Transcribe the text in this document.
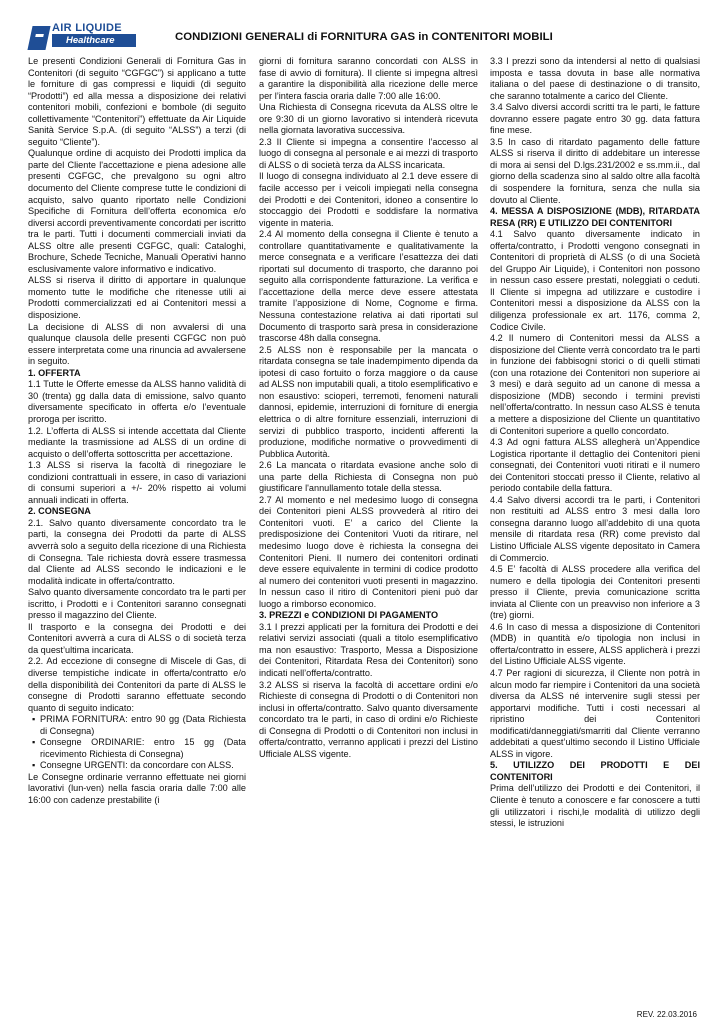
AIR LIQUIDE
Healthcare	CONDIZIONI GENERALI di FORNITURA GAS in CONTENITORI MOBILI

Le presenti Condizioni Generali di Fornitura Gas in Contenitori (di seguito “CGFGC”) si applicano a tutte le forniture di gas compressi e liquidi (di seguito “Prodotti”) ed alla messa a disposizione dei relativi contenitori mobili, confezioni e bombole (di seguito collettivamente “Contenitori”) effettuate da Air Liquide Sanità Service S.p.A. (di seguito “ALSS”) a terzi (di seguito “Cliente”).

Qualunque ordine di acquisto dei Prodotti implica da parte del Cliente l'accettazione e piena adesione alle presenti CGFGC, che prevalgono su ogni altro documento del Cliente comprese tutte le condizioni di acquisto, salvo quanto riportato nelle Condizioni Specifiche di Fornitura dell’offerta economica e/o diversi accordi preventivamente concordati per iscritto tra le parti. Tutti i documenti commerciali inviati da ALSS oltre alle presenti CGFGC, quali: Cataloghi, Brochure, Schede Tecniche, Manuali Operativi hanno esclusivamente valore informativo e indicativo.

ALSS si riserva il diritto di apportare in qualunque momento tutte le modifiche che ritenesse utili ai Prodotti commercializzati ed ai Contenitori messi a disposizione.

La decisione di ALSS di non avvalersi di una qualunque clausola delle presenti CGFGC non può essere interpretata come una rinuncia ad avvalersene in seguito.

1. OFFERTA

1.1 Tutte le Offerte emesse da ALSS hanno validità di 30 (trenta) gg dalla data di emissione, salvo quanto diversamente specificato in offerta e/o l’eventuale proroga per iscritto.

1.2. L’offerta di ALSS si intende accettata dal Cliente mediante la trasmissione ad ALSS di un ordine di acquisto o dell’offerta sottoscritta per accettazione.

1.3 ALSS si riserva la facoltà di rinegoziare le condizioni contrattuali in essere, in caso di variazioni di consumi superiori a +/- 20% rispetto ai volumi annuali indicati in offerta.

2. CONSEGNA

2.1. Salvo quanto diversamente concordato tra le parti, la consegna dei Prodotti da parte di ALSS avverrà solo a seguito della ricezione di una Richiesta di Consegna. Tale richiesta dovrà essere trasmessa dal Cliente ad ALSS secondo le indicazioni e le modalità indicate in offerta/contratto.

Salvo quanto diversamente concordato tra le parti per iscritto, i Prodotti e i Contenitori saranno consegnati presso il magazzino del Cliente.

Il trasporto e la consegna dei Prodotti e dei Contenitori avverrà a cura di ALSS o di società terza da quest’ultima incaricata.

2.2. Ad eccezione di consegne di Miscele di Gas, di diverse tempistiche indicate in offerta/contratto e/o della disponibilità dei Contenitori da parte di ALSS le consegne di Prodotti saranno effettuate secondo quanto di seguito indicato:

▪ PRIMA FORNITURA: entro 90 gg (Data Richiesta di Consegna)
▪ Consegne ORDINARIE: entro 15 gg (Data ricevimento Richiesta di Consegna)
▪ Consegne URGENTI: da concordare con ALSS.

Le Consegne ordinarie verranno effettuate nei giorni lavorativi (lun-ven) nella fascia oraria dalle 7:00 alle 16:00 con cadenze prestabilite (i

giorni di fornitura saranno concordati con ALSS in fase di avvio di fornitura). Il cliente si impegna altresì a garantire la disponibilità alla ricezione delle merce per l’intera fascia oraria dalle 7:00 alle 16:00.

Una Richiesta di Consegna ricevuta da ALSS oltre le ore 9:30 di un giorno lavorativo si intenderà ricevuta nella giornata lavorativa successiva.

2.3 Il Cliente si impegna a consentire l’accesso al luogo di consegna al personale e ai mezzi di trasporto di ALSS o di società terza da ALSS incaricata.

Il luogo di consegna individuato al 2.1 deve essere di facile accesso per i veicoli impiegati nella consegna dei Prodotti e dei Contenitori, idoneo a consentire lo stoccaggio dei Prodotti e soddisfare la normativa vigente in materia.

2.4 Al momento della consegna il Cliente è tenuto a controllare quantitativamente e qualitativamente la merce consegnata e a verificare l’esattezza dei dati riportati sul documento di trasporto, che daranno poi seguito alla corrispondente fatturazione. La verifica e l’accettazione della merce deve essere attestata tramite l’apposizione di Nome, Cognome e firma. Nessuna contestazione relativa ai dati riportati sul Documento di trasporto sarà presa in considerazione trascorse 48h dalla consegna.

2.5 ALSS non è responsabile per la mancata o ritardata consegna se tale inadempimento dipenda da ipotesi di caso fortuito o forza maggiore o da cause ad ALSS non imputabili quali, a titolo esemplificativo e non esaustivo: scioperi, terremoti, fenomeni naturali dannosi, epidemie, interruzioni di forniture di energia elettrica o di altre forniture essenziali, interruzioni di servizi di pubblico trasporto, incidenti afferenti la produzione, modifiche normative o provvedimenti di Pubblica Autorità.

2.6 La mancata o ritardata evasione anche solo di una parte della Richiesta di Consegna non può giustificare l'annullamento totale della stessa.

2.7 Al momento e nel medesimo luogo di consegna dei Contenitori pieni ALSS provvederà al ritiro dei Contenitori vuoti. E’ a carico del Cliente la predisposizione dei Contenitori Vuoti da ritirare, nel medesimo luogo dove è richiesta la consegna dei Contenitori Pieni. Il numero dei contenitori ordinati deve essere equivalente in termini di codice prodotto al numero dei contenitori vuoti presenti in magazzino. In nessun caso il ritiro di Contenitori pieni può dar luogo a rimborso economico.

3. PREZZI e CONDIZIONI DI PAGAMENTO

3.1 I prezzi applicati per la fornitura dei Prodotti e dei relativi servizi associati (quali a titolo esemplificativo ma non esaustivo: Trasporto, Messa a Disposizione dei Contenitori, Ritardata Resa dei Contenitori) sono indicati nell’offerta/contratto.

3.2 ALSS si riserva la facoltà di accettare ordini e/o Richieste di consegna di Prodotti o di Contenitori non inclusi in offerta/contratto. Salvo quanto diversamente concordato tra le parti, in caso di ordini e/o Richieste di Consegna di Prodotti o di Contenitori non inclusi in offerta/contratto, verranno applicati i prezzi del Listino Ufficiale ALSS vigente.

3.3 I prezzi sono da intendersi al netto di qualsiasi imposta e tassa dovuta in base alle normativa italiana o del paese di destinazione o di transito, che saranno totalmente a carico del Cliente.

3.4 Salvo diversi accordi scritti tra le parti, le fatture dovranno essere pagate entro 30 gg. data fattura fine mese.

3.5 In caso di ritardato pagamento delle fatture ALSS si riserva il diritto di addebitare un interesse di mora ai sensi del D.lgs.231/2002 e ss.mm.ii., dal giorno della scadenza sino al saldo oltre alla facoltà di sospendere la fornitura, senza che nulla sia dovuto al Cliente.

4. MESSA A DISPOSIZIONE (MDB), RITARDATA RESA (RR) E UTILIZZO DEI CONTENITORI

4.1 Salvo quanto diversamente indicato in offerta/contratto, i Prodotti vengono consegnati in Contenitori di proprietà di ALSS (o di una Società del Gruppo Air Liquide), i Contenitori non possono in nessun caso essere prestati, noleggiati o ceduti. Il Cliente si impegna ad utilizzare e custodire i Contenitori messi a disposizione da ALSS con la diligenza professionale ex art. 1176, comma 2, Codice Civile.

4.2 Il numero di Contenitori messi da ALSS a disposizione del Cliente verrà concordato tra le parti in funzione dei fabbisogni storici o di quelli stimati (con una rotazione dei Contenitori non superiore ai 3 mesi) e darà seguito ad un canone di messa a disposizione (MDB) secondo i termini previsti nell’offerta/contratto. In nessun caso ALSS è tenuta a mettere a disposizione del Cliente un quantitativo di Contenitori superiore a quello concordato.

4.3 Ad ogni fattura ALSS allegherà un’Appendice Logistica riportante il dettaglio dei Contenitori pieni consegnati, dei Contenitori vuoti ritirati e il numero dei Contenitori stoccati presso il Cliente, relativo al periodo contabile della fattura.

4.4 Salvo diversi accordi tra le parti, i Contenitori non restituiti ad ALSS entro 3 mesi dalla loro consegna daranno luogo all’addebito di una quota mensile di ritardata resa (RR) come previsto dal Listino Ufficiale ALSS vigente depositato in Camera di Commercio.

4.5 E’ facoltà di ALSS procedere alla verifica del numero e della tipologia dei Contenitori presenti presso il Cliente, previa comunicazione scritta inviata al Cliente con un preavviso non inferiore a 3 (tre) giorni.

4.6 In caso di messa a disposizione di Contenitori (MDB) in quantità e/o tipologia non inclusi in offerta/contratto in essere, ALSS applicherà i prezzi del Listino Ufficiale ALSS vigente.

4.7 Per ragioni di sicurezza, il Cliente non potrà in alcun modo far riempire i Contenitori da una società diversa da ALSS né intervenire sugli stessi per apportarvi modifiche. Tutti i costi necessari al ripristino dei Contenitori modificati/danneggiati/smarriti dal Cliente verranno addebitati a quest’ultimo secondo il Listino Ufficiale ALSS in vigore.

5. UTILIZZO DEI PRODOTTI E DEI CONTENITORI

Prima dell’utilizzo dei Prodotti e dei Contenitori, il Cliente è tenuto a conoscere e far conoscere a tutti gli utilizzatori i rischi,le modalità di utilizzo degli stessi, le istruzioni

REV. 22.03.2016
